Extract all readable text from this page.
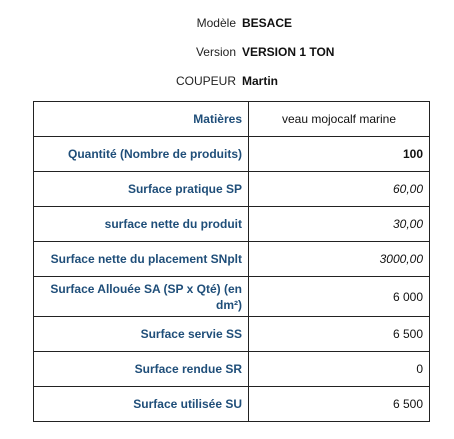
Modèle BESACE
Version VERSION 1 TON
COUPEUR Martin
Matières	veau mojocalf marine
Quantité (Nombre de produits)	100
Surface pratique SP	60,00
surface nette du produit	30,00
Surface nette du placement SNplt	3000,00
Surface Allouée SA (SP x Qté) (en dm²)	6 000
Surface servie SS	6 500
Surface rendue SR	0
Surface utilisée SU	6 500
